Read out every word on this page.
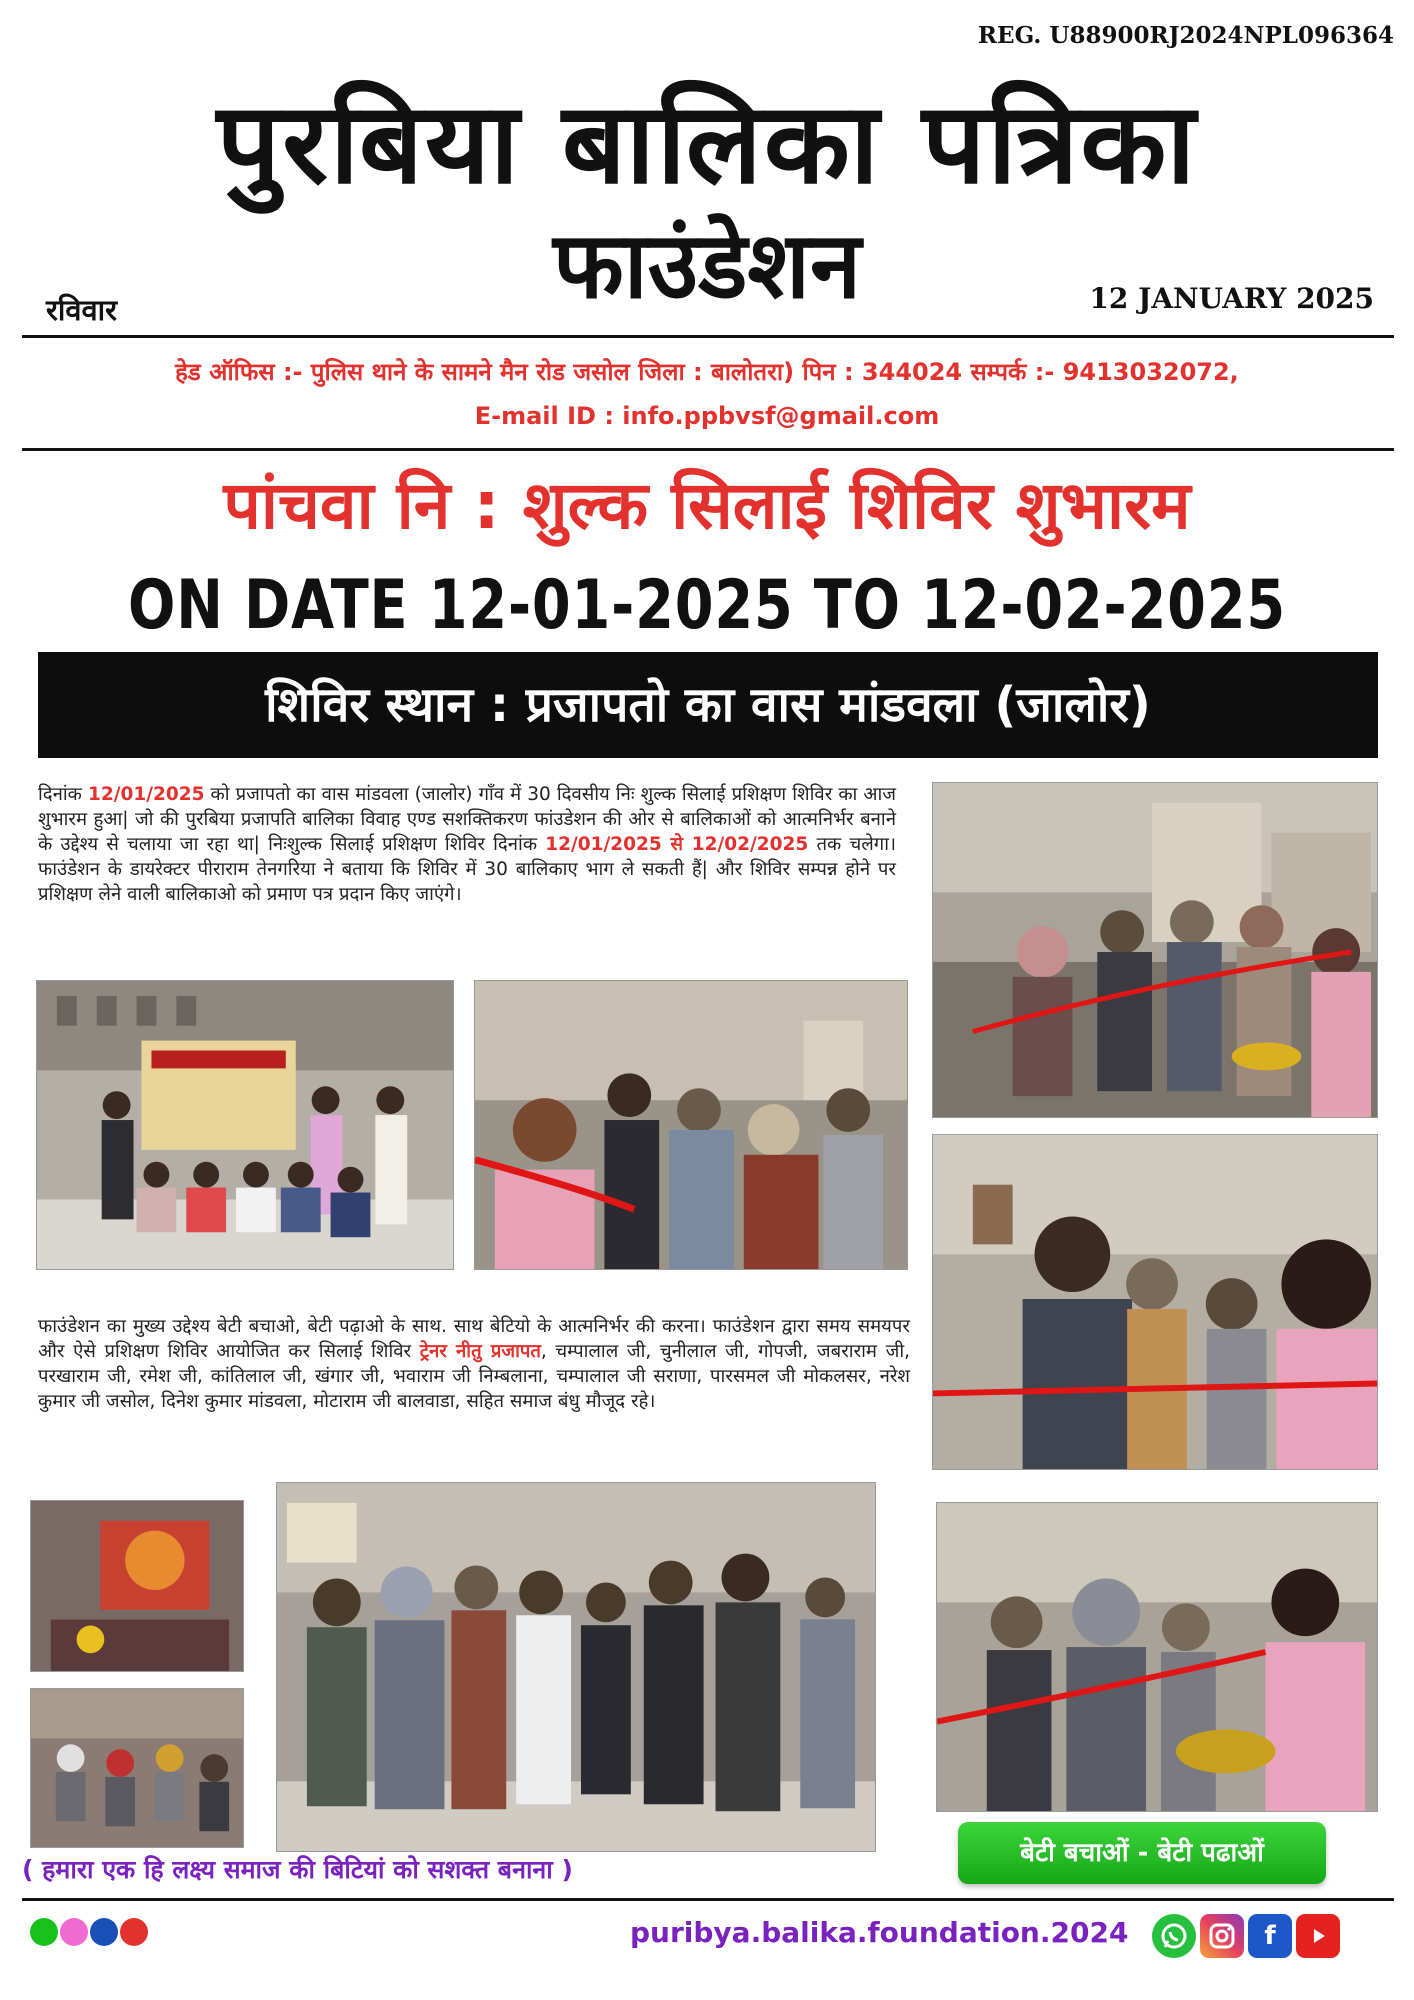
REG. U88900RJ2024NPL096364
पुरबिया बालिका पत्रिका
फाउंडेशन
रविवार	12 JANUARY 2025
हेड ऑफिस :- पुलिस थाने के सामने मैन रोड जसोल जिला : बालोतरा) पिन : 344024 सम्पर्क :- 9413032072,
E-mail ID : info.ppbvsf@gmail.com
पांचवा नि : शुल्क सिलाई शिविर शुभारम
ON DATE 12-01-2025 TO 12-02-2025
शिविर स्थान : प्रजापतो का वास मांडवला (जालोर)
दिनांक 12/01/2025 को प्रजापतो का वास मांडवला (जालोर) गाँव में 30 दिवसीय निः शुल्क सिलाई प्रशिक्षण शिविर का आज शुभारम हुआ| जो की पुरबिया प्रजापति बालिका विवाह एण्ड सशक्तिकरण फांउडेशन की ओर से बालिकाओं को आत्मनिर्भर बनाने के उद्देश्य से चलाया जा रहा था| निःशुल्क सिलाई प्रशिक्षण शिविर दिनांक 12/01/2025 से 12/02/2025 तक चलेगा। फाउंडेशन के डायरेक्टर पीराराम तेनगरिया ने बताया कि शिविर में 30 बालिकाए भाग ले सकती हैं| और शिविर सम्पन्न होने पर प्रशिक्षण लेने वाली बालिकाओ को प्रमाण पत्र प्रदान किए जाएंगे।
फाउंडेशन का मुख्य उद्देश्य बेटी बचाओ, बेटी पढ़ाओ के साथ. साथ बेटियो के आत्मनिर्भर की करना। फाउंडेशन द्वारा समय समयपर और ऐसे प्रशिक्षण शिविर आयोजित कर सिलाई शिविर ट्रेनर नीतु प्रजापत, चम्पालाल जी, चुनीलाल जी, गोपजी, जबराराम जी, परखाराम जी, रमेश जी, कांतिलाल जी, खंगार जी, भवाराम जी निम्बलाना, चम्पालाल जी सराणा, पारसमल जी मोकलसर, नरेश कुमार जी जसोल, दिनेश कुमार मांडवला, मोटाराम जी बालवाडा, सहित समाज बंधु मौजूद रहे।
बेटी बचाओं - बेटी पढाओं
( हमारा एक हि लक्ष्य समाज की बिटियां को सशक्त बनाना )
puribya.balika.foundation.2024	f
